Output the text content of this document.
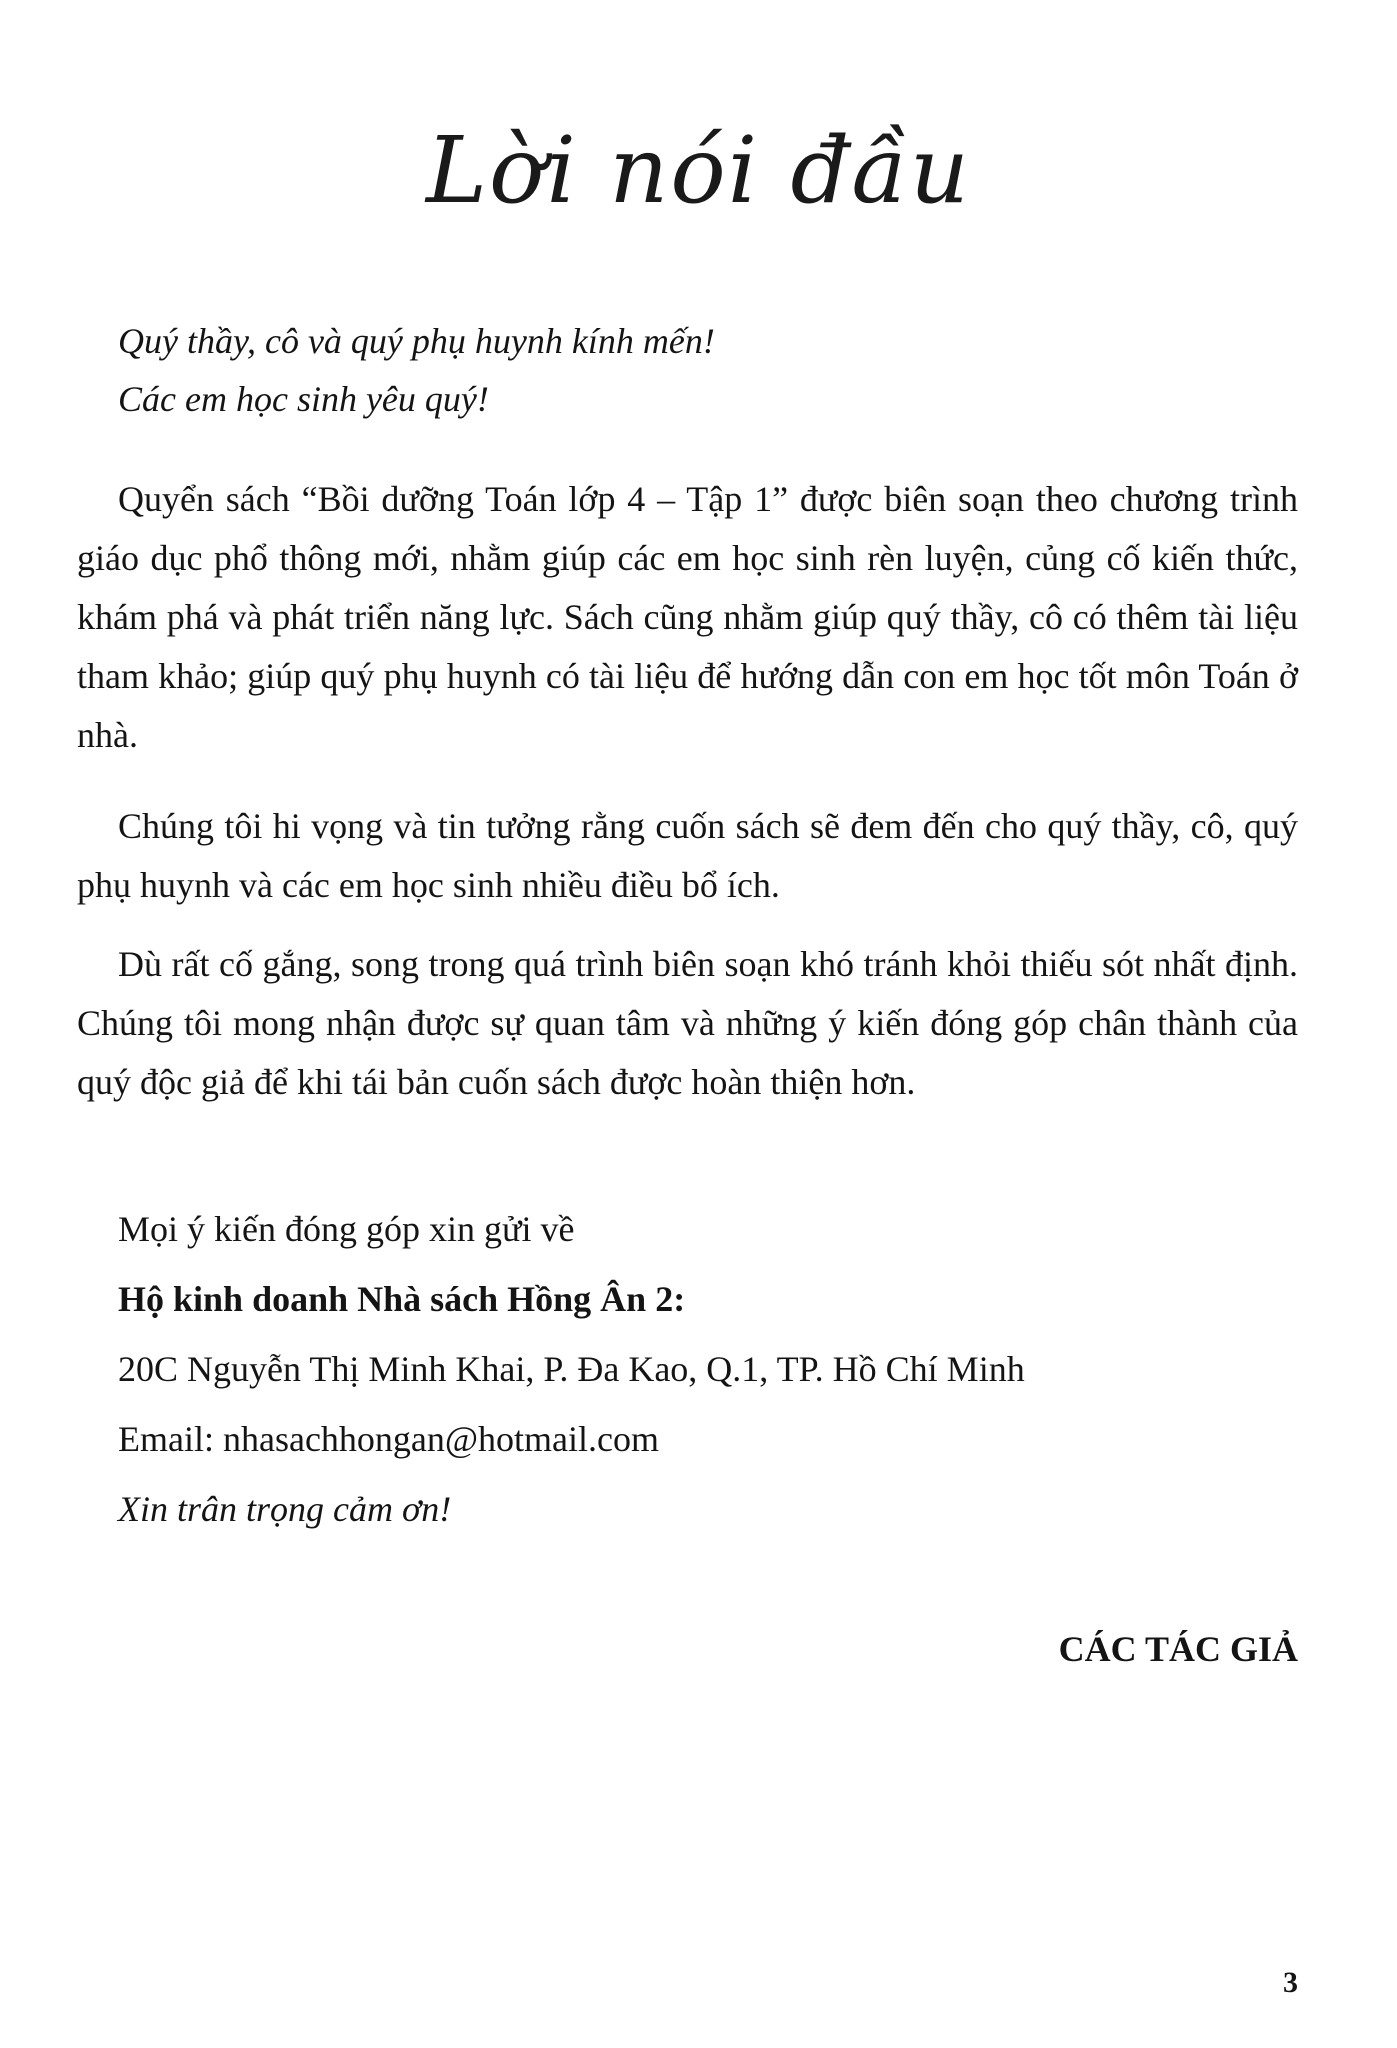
Lời nói đầu

Quý thầy, cô và quý phụ huynh kính mến!

Các em học sinh yêu quý!

Quyển sách “Bồi dưỡng Toán lớp 4 – Tập 1” được biên soạn theo chương trình giáo dục phổ thông mới, nhằm giúp các em học sinh rèn luyện, củng cố kiến thức, khám phá và phát triển năng lực. Sách cũng nhằm giúp quý thầy, cô có thêm tài liệu tham khảo; giúp quý phụ huynh có tài liệu để hướng dẫn con em học tốt môn Toán ở nhà.

Chúng tôi hi vọng và tin tưởng rằng cuốn sách sẽ đem đến cho quý thầy, cô, quý phụ huynh và các em học sinh nhiều điều bổ ích.

Dù rất cố gắng, song trong quá trình biên soạn khó tránh khỏi thiếu sót nhất định. Chúng tôi mong nhận được sự quan tâm và những ý kiến đóng góp chân thành của quý độc giả để khi tái bản cuốn sách được hoàn thiện hơn.

Mọi ý kiến đóng góp xin gửi về

Hộ kinh doanh Nhà sách Hồng Ân 2:

20C Nguyễn Thị Minh Khai, P. Đa Kao, Q.1, TP. Hồ Chí Minh

Email: nhasachhongan@hotmail.com

Xin trân trọng cảm ơn!

CÁC TÁC GIẢ

3
